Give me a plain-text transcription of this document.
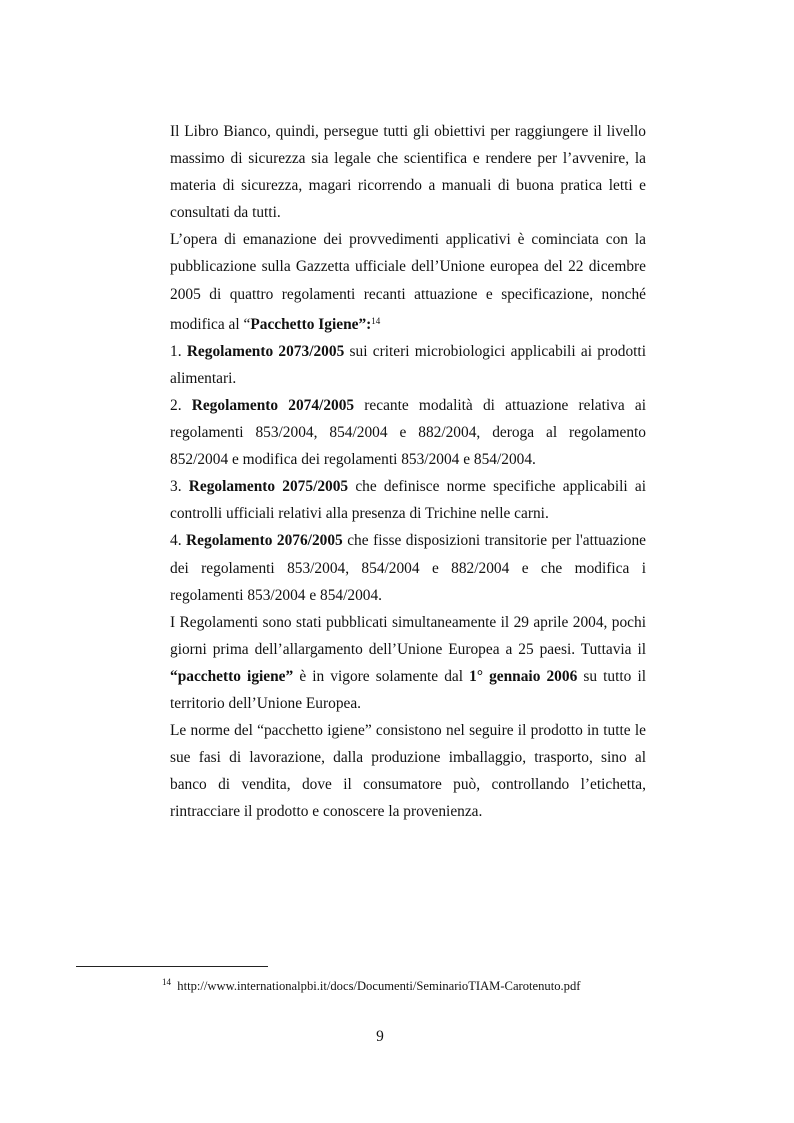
Il Libro Bianco, quindi, persegue tutti gli obiettivi per raggiungere il livello massimo di sicurezza sia legale che scientifica e rendere per l’avvenire, la materia di sicurezza, magari ricorrendo a manuali di buona pratica letti e consultati da tutti.

L’opera di emanazione dei provvedimenti applicativi è cominciata con la pubblicazione sulla Gazzetta ufficiale dell’Unione europea del 22 dicembre 2005 di quattro regolamenti recanti attuazione e specificazione, nonché modifica al “Pacchetto Igiene”:$^{14}$

1. Regolamento 2073/2005 sui criteri microbiologici applicabili ai prodotti alimentari.

2. Regolamento 2074/2005 recante modalità di attuazione relativa ai regolamenti 853/2004, 854/2004 e 882/2004, deroga al regolamento 852/2004 e modifica dei regolamenti 853/2004 e 854/2004.

3. Regolamento 2075/2005 che definisce norme specifiche applicabili ai controlli ufficiali relativi alla presenza di Trichine nelle carni.

4. Regolamento 2076/2005 che fisse disposizioni transitorie per l'attuazione dei regolamenti 853/2004, 854/2004 e 882/2004 e che modifica i regolamenti 853/2004 e 854/2004.

I Regolamenti sono stati pubblicati simultaneamente il 29 aprile 2004, pochi giorni prima dell’allargamento dell’Unione Europea a 25 paesi. Tuttavia il “pacchetto igiene” è in vigore solamente dal 1° gennaio 2006 su tutto il territorio dell’Unione Europea.

Le norme del “pacchetto igiene” consistono nel seguire il prodotto in tutte le sue fasi di lavorazione, dalla produzione imballaggio, trasporto, sino al banco di vendita, dove il consumatore può, controllando l’etichetta, rintracciare il prodotto e conoscere la provenienza.

$^{14}$ http://www.internationalpbi.it/docs/Documenti/SeminarioTIAM-Carotenuto.pdf
9
